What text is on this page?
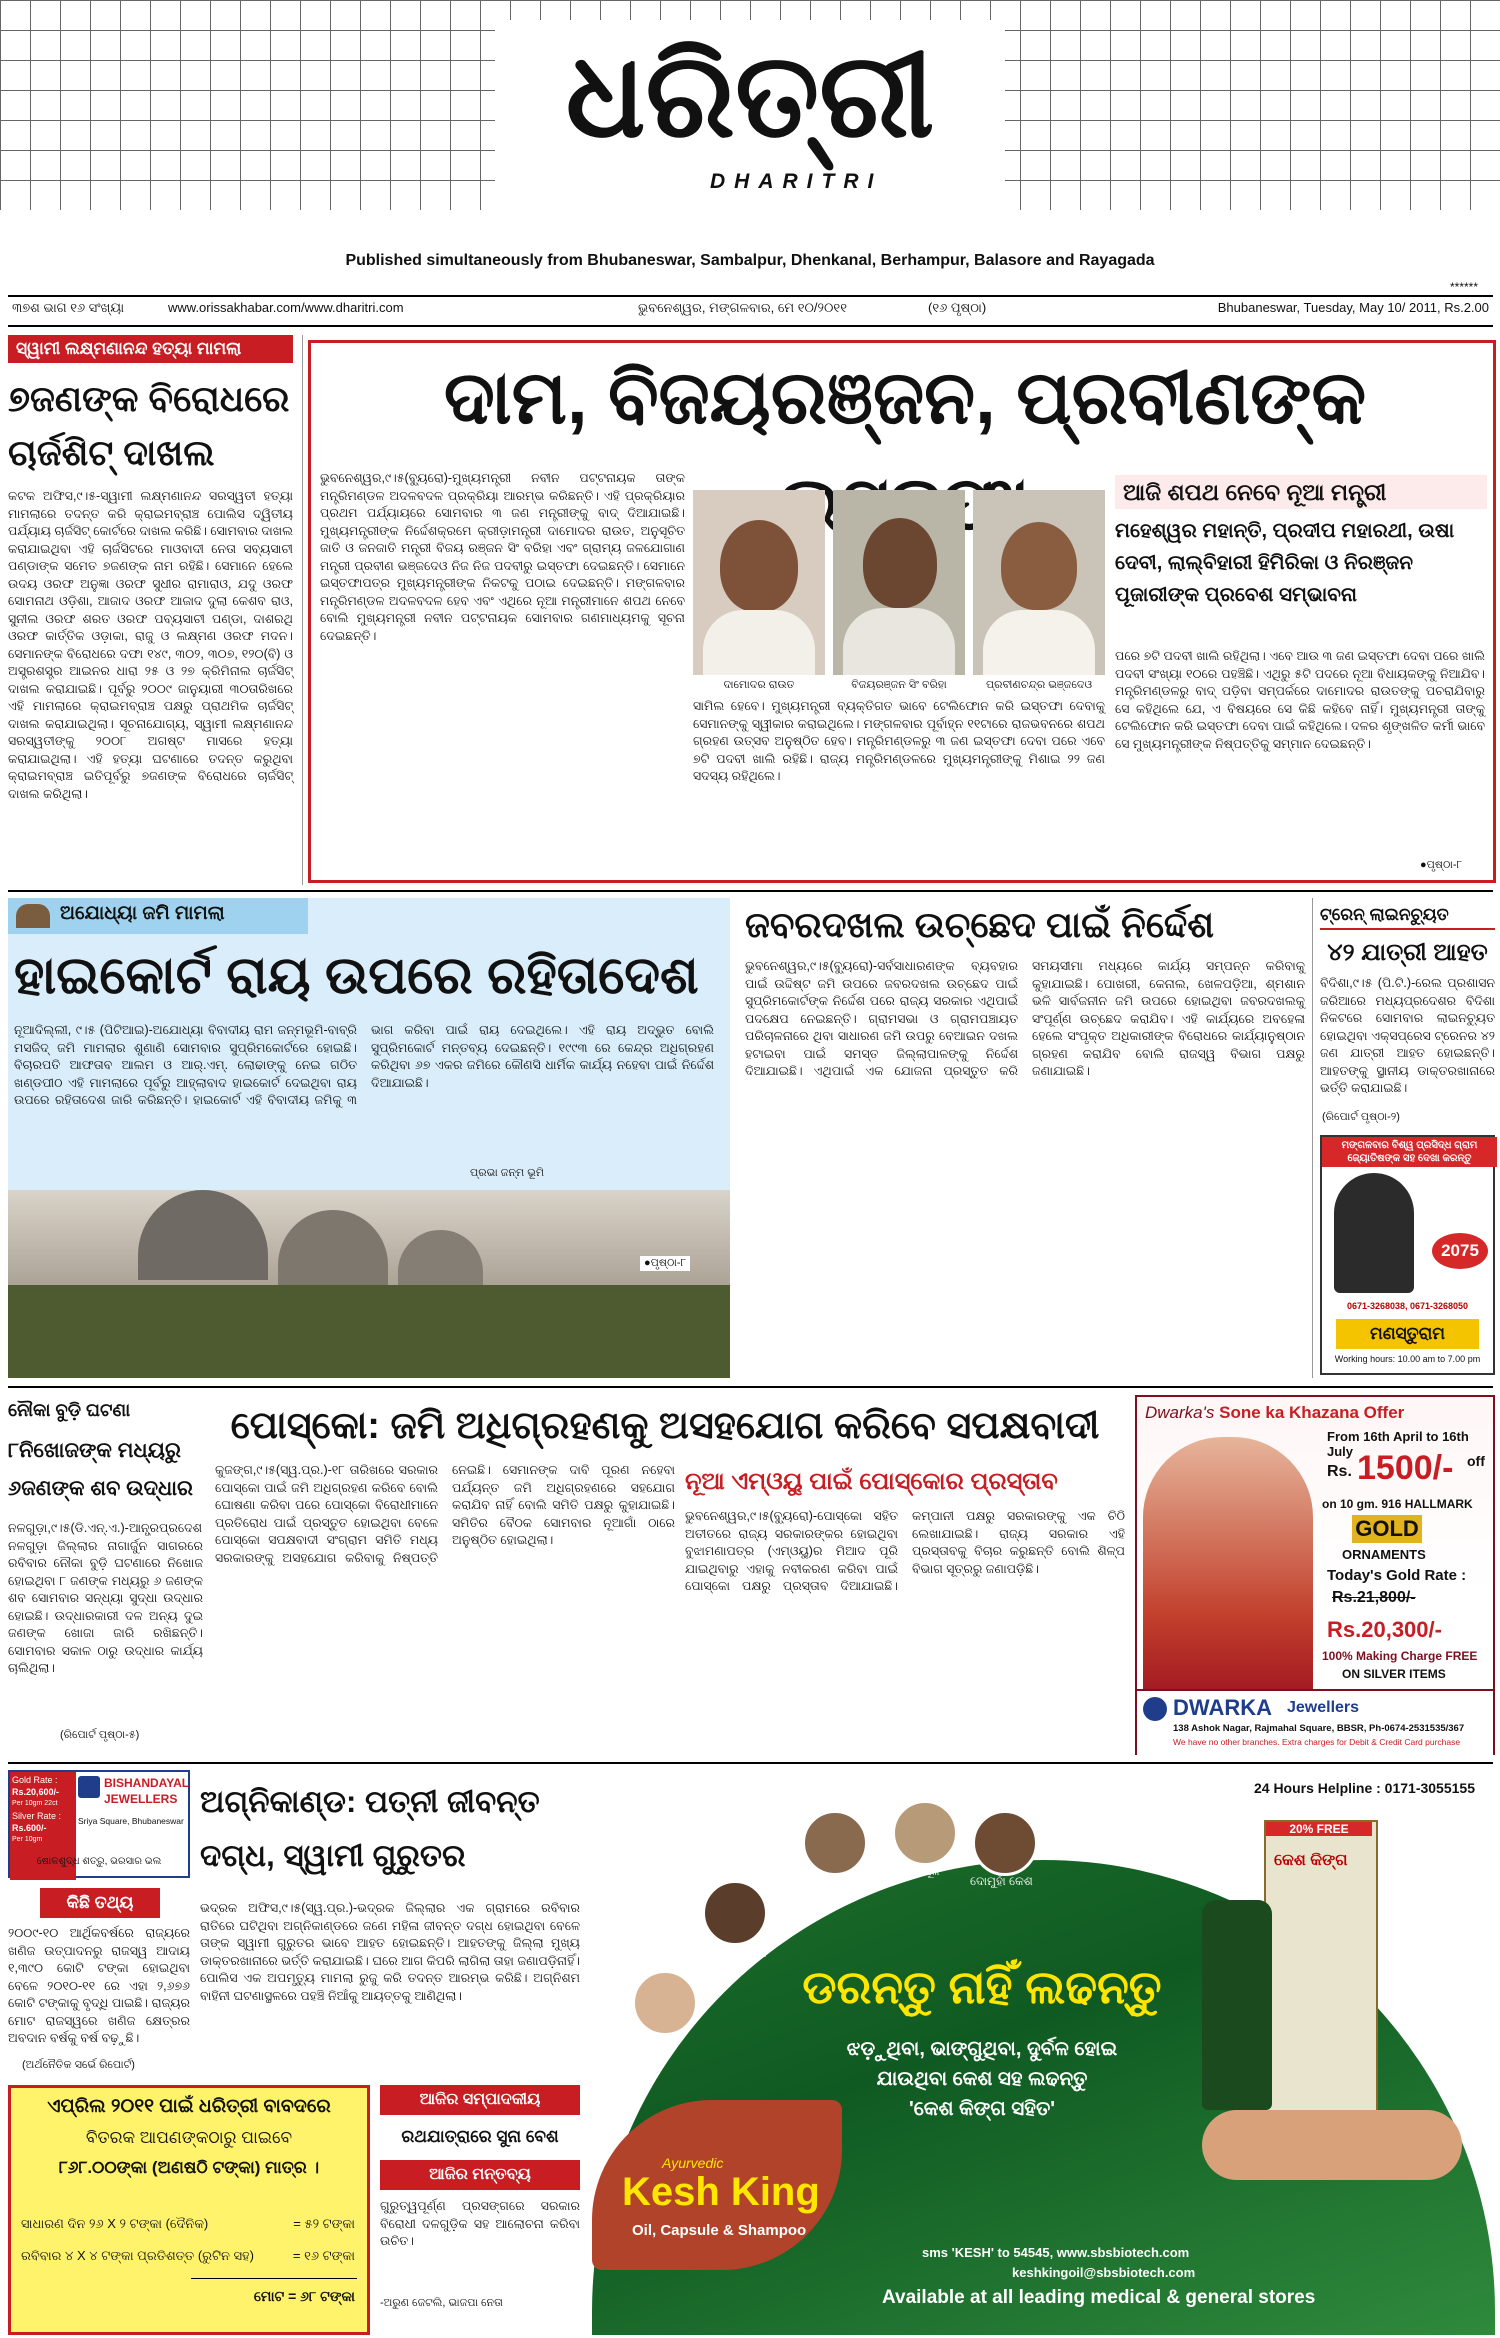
ଧରିତ୍ରୀ
DHARITRI
Published simultaneously from Bhubaneswar, Sambalpur, Dhenkanal, Berhampur, Balasore and Rayagada
******
୩୭ଶ ଭାଗ ୧୬ ସଂଖ୍ୟା	www.orissakhabar.com/www.dharitri.com	ଭୁବନେଶ୍ୱର, ମଙ୍ଗଳବାର, ମେ ୧୦/୨୦୧୧	(୧୬ ପୃଷ୍ଠା)	Bhubaneswar, Tuesday, May 10/ 2011, Rs.2.00
ସ୍ୱାମୀ ଲକ୍ଷ୍ମଣାନନ୍ଦ ହତ୍ୟା ମାମଲା
୭ଜଣଙ୍କ ବିରୋଧରେ ଚାର୍ଜଶିଟ୍ ଦାଖଲ
କଟକ ଅଫିସ,୯।୫-ସ୍ୱାମୀ ଲକ୍ଷ୍ମଣାନନ୍ଦ ସରସ୍ୱତୀ ହତ୍ୟା ମାମଲାରେ ତଦନ୍ତ କରି କ୍ରାଇମବ୍ରାଞ୍ଚ ପୋଲିସ ଦ୍ୱିତୀୟ ପର୍ଯ୍ୟାୟ ଚାର୍ଜସିଟ୍ କୋର୍ଟରେ ଦାଖଲ କରିଛି। ସୋମବାର ଦାଖଲ କରାଯାଇଥିବା ଏହି ଚାର୍ଜସିଟରେ ମାଓବାଦୀ ନେତା ସବ୍ୟସାଚୀ ପଣ୍ଡାଙ୍କ ସମେତ ୭ଜଣଙ୍କ ନାମ ରହିଛି। ସେମାନେ ହେଲେ ଉଦୟ ଓରଫ ଅନୁଜ୍ଞା ଓରଫ ସୁଧୀର ରାମାରାଓ, ଯଦୁ ଓରଫ ସୋମନାଥ ଓଡ଼ିଶା, ଆଜାଦ ଓରଫ ଆଜାଦ ଦୁଲା କେଶବ ରାଓ, ସୁନୀଲ ଓରଫ ଶରତ ଓରଫ ପବ୍ୟସାଚୀ ପଣ୍ଡା, ଦାଶରଥି ଓରଫ କାର୍ତ୍ତିକ ଓଡ଼ାକା, ରାଜୁ ଓ ଲକ୍ଷ୍ମଣ ଓରଫ ମଦନ। ସେମାନଙ୍କ ବିରୋଧରେ ଦଫା ୧୪୯, ୩୦୨, ୩୦୭, ୧୨୦(ବି) ଓ ଅସ୍ତ୍ରଶସ୍ତ୍ର ଆଇନର ଧାରା ୨୫ ଓ ୨୭ କ୍ରିମିନାଲ ଚାର୍ଜସିଟ୍ ଦାଖଲ କରାଯାଇଛି। ପୂର୍ବରୁ ୨୦୦୯ ଜାନୁୟାରୀ ୩୦ତାରିଖରେ ଏହି ମାମଲାରେ କ୍ରାଇମବ୍ରାଞ୍ଚ ପକ୍ଷରୁ ପ୍ରାଥମିକ ଚାର୍ଜସିଟ୍ ଦାଖଲ କରାଯାଇଥିଲା। ସୂଚନାଯୋଗ୍ୟ, ସ୍ୱାମୀ ଲକ୍ଷ୍ମଣାନନ୍ଦ ସରସ୍ୱତୀଙ୍କୁ ୨୦୦୮ ଅଗଷ୍ଟ ମାସରେ ହତ୍ୟା କରାଯାଇଥିଲା। ଏହି ହତ୍ୟା ଘଟଣାରେ ତଦନ୍ତ କରୁଥିବା କ୍ରାଇମବ୍ରାଞ୍ଚ ଇତିପୂର୍ବରୁ ୭ଜଣଙ୍କ ବିରୋଧରେ ଚାର୍ଜସିଟ୍ ଦାଖଲ କରିଥିଲା।
ଦାମ, ବିଜୟରଞ୍ଜନ, ପ୍ରବୀଣଙ୍କ
ଭୁବନେଶ୍ୱର,୯।୫(ବ୍ୟୁରୋ)-ମୁଖ୍ୟମନ୍ତ୍ରୀ ନବୀନ ପଟ୍ଟନାୟକ ତାଙ୍କ ମନ୍ତ୍ରିମଣ୍ଡଳ ଅଦଳବଦଳ ପ୍ରକ୍ରିୟା ଆରମ୍ଭ କରିଛନ୍ତି। ଏହି ପ୍ରକ୍ରିୟାର ପ୍ରଥମ ପର୍ଯ୍ୟାୟରେ ସୋମବାର ୩ ଜଣ ମନ୍ତ୍ରୀଙ୍କୁ ବାଦ୍ ଦିଆଯାଇଛି। ମୁଖ୍ୟମନ୍ତ୍ରୀଙ୍କ ନିର୍ଦ୍ଦେଶକ୍ରମେ କ୍ରୀଡ଼ାମନ୍ତ୍ରୀ ଦାମୋଦର ରାଉତ, ଅନୁସୂଚିତ ଜାତି ଓ ଜନଜାତି ମନ୍ତ୍ରୀ ବିଜୟ ରଞ୍ଜନ ସିଂ ବରିହା ଏବଂ ଗ୍ରାମ୍ୟ ଜଳଯୋଗାଣ ମନ୍ତ୍ରୀ ପ୍ରବୀଣ ଭଞ୍ଜଦେଓ ନିଜ ନିଜ ପଦବୀରୁ ଇସ୍ତଫା ଦେଇଛନ୍ତି। ସେମାନେ ଇସ୍ତଫାପତ୍ର ମୁଖ୍ୟମନ୍ତ୍ରୀଙ୍କ ନିକଟକୁ ପଠାଇ ଦେଇଛନ୍ତି। ମଙ୍ଗଳବାର ମନ୍ତ୍ରିମଣ୍ଡଳ ଅଦଳବଦଳ ହେବ ଏବଂ ଏଥିରେ ନୂଆ ମନ୍ତ୍ରୀମାନେ ଶପଥ ନେବେ ବୋଲି ମୁଖ୍ୟମନ୍ତ୍ରୀ ନବୀନ ପଟ୍ଟନାୟକ ସୋମବାର ଗଣମାଧ୍ୟମକୁ ସୂଚନା ଦେଇଛନ୍ତି।
ଦାମୋଦର ରାଉତ	ବିଜୟରଞ୍ଜନ ସିଂ ବରିହା	ପ୍ରବୀଣଚନ୍ଦ୍ର ଭଞ୍ଜଦେଓ
ସାମିଲ ହେବେ। ମୁଖ୍ୟମନ୍ତ୍ରୀ ବ୍ୟକ୍ତିଗତ ଭାବେ ଟେଲିଫୋନ କରି ଇସ୍ତଫା ଦେବାକୁ ସେମାନଙ୍କୁ ସ୍ୱୀକାର କରାଇଥିଲେ। ମଙ୍ଗଳବାର ପୂର୍ବାହ୍ନ ୧୧ଟାରେ ରାଜଭବନରେ ଶପଥ ଗ୍ରହଣ ଉତ୍ସବ ଅନୁଷ୍ଠିତ ହେବ। ମନ୍ତ୍ରିମଣ୍ଡଳରୁ ୩ ଜଣ ଇସ୍ତଫା ଦେବା ପରେ ଏବେ ୭ଟି ପଦବୀ ଖାଲି ରହିଛି। ରାଜ୍ୟ ମନ୍ତ୍ରିମଣ୍ଡଳରେ ମୁଖ୍ୟମନ୍ତ୍ରୀଙ୍କୁ ମିଶାଇ ୨୨ ଜଣ ସଦସ୍ୟ ରହିଥିଲେ।
ଆଜି ଶପଥ ନେବେ ନୂଆ ମନ୍ତ୍ରୀ
ମହେଶ୍ୱର ମହାନ୍ତି, ପ୍ରଦୀପ ମହାରଥୀ, ଉଷା ଦେବୀ, ଲାଲ୍‌ବିହାରୀ ହିମିରିକା ଓ ନିରଞ୍ଜନ ପୂଜାରୀଙ୍କ ପ୍ରବେଶ ସମ୍ଭାବନା
ପରେ ୭ଟି ପଦବୀ ଖାଲି ରହିଥିଲା। ଏବେ ଆଉ ୩ ଜଣ ଇସ୍ତଫା ଦେବା ପରେ ଖାଲି ପଦବୀ ସଂଖ୍ୟା ୧୦ରେ ପହଞ୍ଚିଛି। ଏଥିରୁ ୫ଟି ପଦରେ ନୂଆ ବିଧାୟକଙ୍କୁ ନିଆଯିବ। ମନ୍ତ୍ରିମଣ୍ଡଳରୁ ବାଦ୍ ପଡ଼ିବା ସମ୍ପର୍କରେ ଦାମୋଦର ରାଉତଙ୍କୁ ପଚରାଯିବାରୁ ସେ କହିଥିଲେ ଯେ, ଏ ବିଷୟରେ ସେ କିଛି କହିବେ ନାହିଁ। ମୁଖ୍ୟମନ୍ତ୍ରୀ ତାଙ୍କୁ ଟେଲିଫୋନ କରି ଇସ୍ତଫା ଦେବା ପାଇଁ କହିଥିଲେ। ଦଳର ଶୃଙ୍ଖଳିତ କର୍ମୀ ଭାବେ ସେ ମୁଖ୍ୟମନ୍ତ୍ରୀଙ୍କ ନିଷ୍ପତ୍ତିକୁ ସମ୍ମାନ ଦେଇଛନ୍ତି।
●ପୃଷ୍ଠା-୮
ଅଯୋଧ୍ୟା ଜମି ମାମଲା
ହାଇକୋର୍ଟ ରାୟ ଉପରେ ରହିତାଦେଶ
ନୂଆଦିଲ୍ଲୀ, ୯।୫ (ପିଟିଆଇ)-ଅଯୋଧ୍ୟା ବିବାଦୀୟ ରାମ ଜନ୍ମଭୂମି-ବାବ୍ରି ମସଜିଦ୍ ଜମି ମାମଲାର ଶୁଣାଣି ସୋମବାର ସୁପ୍ରିମକୋର୍ଟରେ ହୋଇଛି। ବିଚାରପତି ଆଫତାବ ଆଲମ ଓ ଆର୍.ଏମ୍. ଲୋଢାଙ୍କୁ ନେଇ ଗଠିତ ଖଣ୍ଡପୀଠ ଏହି ମାମଲାରେ ପୂର୍ବରୁ ଆହ୍ଲାବାଦ ହାଇକୋର୍ଟ ଦେଇଥିବା ରାୟ ଉପରେ ରହିତାଦେଶ ଜାରି କରିଛନ୍ତି। ହାଇକୋର୍ଟ ଏହି ବିବାଦୀୟ ଜମିକୁ ୩ ଭାଗ କରିବା ପାଇଁ ରାୟ ଦେଇଥିଲେ। ଏହି ରାୟ ଅଦ୍ଭୁତ ବୋଲି ସୁପ୍ରିମକୋର୍ଟ ମନ୍ତବ୍ୟ ଦେଇଛନ୍ତି। ୧୯୯୩ ରେ କେନ୍ଦ୍ର ଅଧିଗ୍ରହଣ କରିଥିବା ୬୭ ଏକର ଜମିରେ କୌଣସି ଧାର୍ମିକ କାର୍ଯ୍ୟ ନହେବା ପାଇଁ ନିର୍ଦ୍ଦେଶ ଦିଆଯାଇଛି।
ପ୍ରଭା ଜନ୍ମ ଭୂମି
●ପୃଷ୍ଠା-୮
ଜବରଦଖଲ ଉଚ୍ଛେଦ ପାଇଁ ନିର୍ଦ୍ଦେଶ
ଭୁବନେଶ୍ୱର,୯।୫(ବ୍ୟୁରୋ)-ସର୍ବସାଧାରଣଙ୍କ ବ୍ୟବହାର ପାଇଁ ଉଦ୍ଦିଷ୍ଟ ଜମି ଉପରେ ଜବରଦଖଲ ଉଚ୍ଛେଦ ପାଇଁ ସୁପ୍ରିମକୋର୍ଟଙ୍କ ନିର୍ଦ୍ଦେଶ ପରେ ରାଜ୍ୟ ସରକାର ଏଥିପାଇଁ ପଦକ୍ଷେପ ନେଇଛନ୍ତି। ଗ୍ରାମସଭା ଓ ଗ୍ରାମପଞ୍ଚାୟତ ପରିଚାଳନାରେ ଥିବା ସାଧାରଣ ଜମି ଉପରୁ ବେଆଇନ ଦଖଲ ହଟାଇବା ପାଇଁ ସମସ୍ତ ଜିଲ୍ଲାପାଳଙ୍କୁ ନିର୍ଦ୍ଦେଶ ଦିଆଯାଇଛି। ଏଥିପାଇଁ ଏକ ଯୋଜନା ପ୍ରସ୍ତୁତ କରି ସମୟସୀମା ମଧ୍ୟରେ କାର୍ଯ୍ୟ ସମ୍ପନ୍ନ କରିବାକୁ କୁହାଯାଇଛି। ପୋଖରୀ, କେନାଲ, ଖେଳପଡ଼ିଆ, ଶ୍ମଶାନ ଭଳି ସାର୍ବଜନୀନ ଜମି ଉପରେ ହୋଇଥିବା ଜବରଦଖଲକୁ ସଂପୂର୍ଣ୍ଣ ଉଚ୍ଛେଦ କରାଯିବ। ଏହି କାର୍ଯ୍ୟରେ ଅବହେଳା ହେଲେ ସଂପୃକ୍ତ ଅଧିକାରୀଙ୍କ ବିରୋଧରେ କାର୍ଯ୍ୟାନୁଷ୍ଠାନ ଗ୍ରହଣ କରାଯିବ ବୋଲି ରାଜସ୍ୱ ବିଭାଗ ପକ୍ଷରୁ ଜଣାଯାଇଛି।
ଟ୍ରେନ୍ ଲାଇନଚ୍ୟୁତ
୪୨ ଯାତ୍ରୀ ଆହତ
ବିଦିଶା,୯।୫ (ପି.ଟି.)-ରେଲ ପ୍ରଶାସନ ଜରିଆରେ ମଧ୍ୟପ୍ରଦେଶର ବିଦିଶା ନିକଟରେ ସୋମବାର ଲାଇନଚ୍ୟୁତ ହୋଇଥିବା ଏକ୍ସପ୍ରେସ ଟ୍ରେନର ୪୨ ଜଣ ଯାତ୍ରୀ ଆହତ ହୋଇଛନ୍ତି। ଆହତଙ୍କୁ ସ୍ଥାନୀୟ ଡାକ୍ତରଖାନାରେ ଭର୍ତ୍ତି କରାଯାଇଛି।
(ରିପୋର୍ଟ ପୃଷ୍ଠା-୨)
ମଙ୍ଗଳବାର ବିଶ୍ୱ ପ୍ରସିଦ୍ଧ ଗ୍ରାମ ଜ୍ୟୋତିଷଙ୍କ ସହ ଦେଖା କରନ୍ତୁ
2075
0671-3268038, 0671-3268050
ମଣସ୍ତୁରାମ
Working hours: 10.00 am to 7.00 pm
ନୌକା ବୁଡ଼ି ଘଟଣା
୮ନିଖୋଜଙ୍କ ମଧ୍ୟରୁ ୬ଜଣଙ୍କ ଶବ ଉଦ୍ଧାର
ନଳଗୁଡ଼ା,୯।୫(ଡି.ଏନ୍.ଏ.)-ଆନ୍ଧ୍ରପ୍ରଦେଶ ନଳଗୁଡ଼ା ଜିଲ୍ଲାର ନାଗାର୍ଜୁନ ସାଗରରେ ରବିବାର ନୌକା ବୁଡ଼ି ଘଟଣାରେ ନିଖୋଜ ହୋଇଥିବା ୮ ଜଣଙ୍କ ମଧ୍ୟରୁ ୬ ଜଣଙ୍କ ଶବ ସୋମବାର ସନ୍ଧ୍ୟା ସୁଦ୍ଧା ଉଦ୍ଧାର ହୋଇଛି। ଉଦ୍ଧାରକାରୀ ଦଳ ଅନ୍ୟ ଦୁଇ ଜଣଙ୍କ ଖୋଜା ଜାରି ରଖିଛନ୍ତି। ସୋମବାର ସକାଳ ଠାରୁ ଉଦ୍ଧାର କାର୍ଯ୍ୟ ଚାଲିଥିଲା।
(ରିପୋର୍ଟ ପୃଷ୍ଠା-୫)
ପୋସ୍କୋ: ଜମି ଅଧିଗ୍ରହଣକୁ ଅସହଯୋଗ କରିବେ ସପକ୍ଷବାଦୀ
କୁଜଙ୍ଗ,୯।୫(ସ୍ୱ.ପ୍ର.)-୧୮ ତାରିଖରେ ସରକାର ପୋସ୍କୋ ପାଇଁ ଜମି ଅଧିଗ୍ରହଣ କରିବେ ବୋଲି ଘୋଷଣା କରିବା ପରେ ପୋସ୍କୋ ବିରୋଧୀମାନେ ପ୍ରତିରୋଧ ପାଇଁ ପ୍ରସ୍ତୁତ ହୋଇଥିବା ବେଳେ ପୋସ୍କୋ ସପକ୍ଷବାଦୀ ସଂଗ୍ରାମ ସମିତି ମଧ୍ୟ ସରକାରଙ୍କୁ ଅସହଯୋଗ କରିବାକୁ ନିଷ୍ପତ୍ତି ନେଇଛି। ସେମାନଙ୍କ ଦାବି ପୂରଣ ନହେବା ପର୍ଯ୍ୟନ୍ତ ଜମି ଅଧିଗ୍ରହଣରେ ସହଯୋଗ କରାଯିବ ନାହିଁ ବୋଲି ସମିତି ପକ୍ଷରୁ କୁହାଯାଇଛି। ସମିତିର ବୈଠକ ସୋମବାର ନୂଆଗାଁ ଠାରେ ଅନୁଷ୍ଠିତ ହୋଇଥିଲା।
ନୂଆ ଏମ୍‌ଓୟୁ ପାଇଁ ପୋସ୍କୋର ପ୍ରସ୍ତାବ
ଭୁବନେଶ୍ୱର,୯।୫(ବ୍ୟୁରୋ)-ପୋସ୍କୋ ସହିତ ଅତୀତରେ ରାଜ୍ୟ ସରକାରଙ୍କର ହୋଇଥିବା ବୁଝାମଣାପତ୍ର (ଏମ୍‌ଓୟୁ)ର ମିଆଦ ପୂରି ଯାଇଥିବାରୁ ଏହାକୁ ନବୀକରଣ କରିବା ପାଇଁ ପୋସ୍କୋ ପକ୍ଷରୁ ପ୍ରସ୍ତାବ ଦିଆଯାଇଛି। କମ୍ପାନୀ ପକ୍ଷରୁ ସରକାରଙ୍କୁ ଏକ ଚିଠି ଲେଖାଯାଇଛି। ରାଜ୍ୟ ସରକାର ଏହି ପ୍ରସ୍ତାବକୁ ବିଚାର କରୁଛନ୍ତି ବୋଲି ଶିଳ୍ପ ବିଭାଗ ସୂତ୍ରରୁ ଜଣାପଡ଼ିଛି।
Dwarka's Sone ka Khazana Offer
From 16th April to 16th July
Rs. 1500/- off
on 10 gm. 916 HALLMARK
GOLD
ORNAMENTS
Today's Gold Rate :
Rs.21,800/-
Rs.20,300/-
100% Making Charge FREE
ON SILVER ITEMS
DWARKA Jewellers
138 Ashok Nagar, Rajmahal Square, BBSR, Ph-0674-2531535/367
We have no other branches. Extra charges for Debit & Credit Card purchase
Gold Rate :
Rs.20,600/-
Per 10gm 22ct
Silver Rate :
Rs.600/-
Per 10gm
BISHANDAYAL
JEWELLERS
Sriya Square, Bhubaneswar
ଷୋଳଶୁଦ୍ଧ ଶତ୍ରୁ, ଭରସାର ଭଲ
କିଛି ତଥ୍ୟ
୨୦୦୯-୧୦ ଆର୍ଥିକବର୍ଷରେ ରାଜ୍ୟରେ ଖଣିଜ ଉତ୍ପାଦନରୁ ରାଜସ୍ୱ ଆଦାୟ ୧,୩୯୦ କୋଟି ଟଙ୍କା ହୋଇଥିବା ବେଳେ ୨୦୧୦-୧୧ ରେ ଏହା ୨,୬୭୬ କୋଟି ଟଙ୍କାକୁ ବୃଦ୍ଧି ପାଇଛି। ରାଜ୍ୟର ମୋଟ ରାଜସ୍ୱରେ ଖଣିଜ କ୍ଷେତ୍ରର ଅବଦାନ ବର୍ଷକୁ ବର୍ଷ ବଢ଼ୁଛି।
(ଅର୍ଥନୈତିକ ସର୍ଭେ ରିପୋର୍ଟ)
ଅଗ୍ନିକାଣ୍ଡ: ପତ୍ନୀ ଜୀବନ୍ତ ଦଗ୍ଧ, ସ୍ୱାମୀ ଗୁରୁତର
ଭଦ୍ରକ ଅଫିସ,୯।୫(ସ୍ୱ.ପ୍ର.)-ଭଦ୍ରକ ଜିଲ୍ଲାର ଏକ ଗ୍ରାମରେ ରବିବାର ରାତିରେ ଘଟିଥିବା ଅଗ୍ନିକାଣ୍ଡରେ ଜଣେ ମହିଳା ଜୀବନ୍ତ ଦଗ୍ଧ ହୋଇଥିବା ବେଳେ ତାଙ୍କ ସ୍ୱାମୀ ଗୁରୁତର ଭାବେ ଆହତ ହୋଇଛନ୍ତି। ଆହତଙ୍କୁ ଜିଲ୍ଲା ମୁଖ୍ୟ ଡାକ୍ତରଖାନାରେ ଭର୍ତ୍ତି କରାଯାଇଛି। ଘରେ ଆଗ କିପରି ଲାଗିଲା ତାହା ଜଣାପଡ଼ିନାହିଁ। ପୋଲିସ ଏକ ଅପମୃତ୍ୟୁ ମାମଲା ରୁଜୁ କରି ତଦନ୍ତ ଆରମ୍ଭ କରିଛି। ଅଗ୍ନିଶମ ବାହିନୀ ଘଟଣାସ୍ଥଳରେ ପହଞ୍ଚି ନିଆଁକୁ ଆୟତ୍ତକୁ ଆଣିଥିଲା।
ଏପ୍ରିଲ ୨୦୧୧ ପାଇଁ ଧରିତ୍ରୀ ବାବଦରେ
ବିତରକ ଆପଣଙ୍କଠାରୁ ପାଇବେ
୮୬୮.୦୦ଙ୍କା (ଅଣଷଠି ଟଙ୍କା) ମାତ୍ର ।
ସାଧାରଣ ଦିନ ୨୬ X ୨ ଟଙ୍କା (ଦୈନିକ)	= ୫୨ ଟଙ୍କା
ରବିବାର ୪ X ୪ ଟଙ୍କା ପ୍ରତିଶତ୍ତ (ରୁଟିନ ସହ)	= ୧୬ ଟଙ୍କା
ମୋଟ = ୬୮ ଟଙ୍କା
ଆଜିର ସମ୍ପାଦକୀୟ
ରଥଯାତ୍ରାରେ ସୁନା ବେଶ
ଆଜିର ମନ୍ତବ୍ୟ
ଗୁରୁତ୍ୱପୂର୍ଣ୍ଣ ପ୍ରସଙ୍ଗରେ ସରକାର ବିରୋଧୀ ଦଳଗୁଡ଼ିକ ସହ ଆଲୋଚନା କରିବା ଉଚିତ।
-ଅରୁଣ ଜେଟଲି, ଭାଜପା ନେତା
24 Hours Helpline : 0171-3055155
ରୁଷି
ଦୁର୍ବଳ ମୂଳ
ଦୋମୁହାଁ କେଶ
ଭାଙ୍ଗୁଥିବା କେଶ
ଝଡ଼ୁଥିବା କେଶ
ଡରନ୍ତୁ ନାହିଁ ଲଢନ୍ତୁ
ଝଡ଼ୁଥିବା, ଭାଙ୍ଗୁଥିବା, ଦୁର୍ବଳ ହୋଇ
ଯାଉଥିବା କେଶ ସହ ଲଢନ୍ତୁ
'କେଶ କିଙ୍ଗ ସହିତ'
Ayurvedic
Kesh King
Oil, Capsule & Shampoo
20% FREE
କେଶ କିଙ୍ଗ
sms 'KESH' to 54545, www.sbsbiotech.com
keshkingoil@sbsbiotech.com
Available at all leading medical & general stores
